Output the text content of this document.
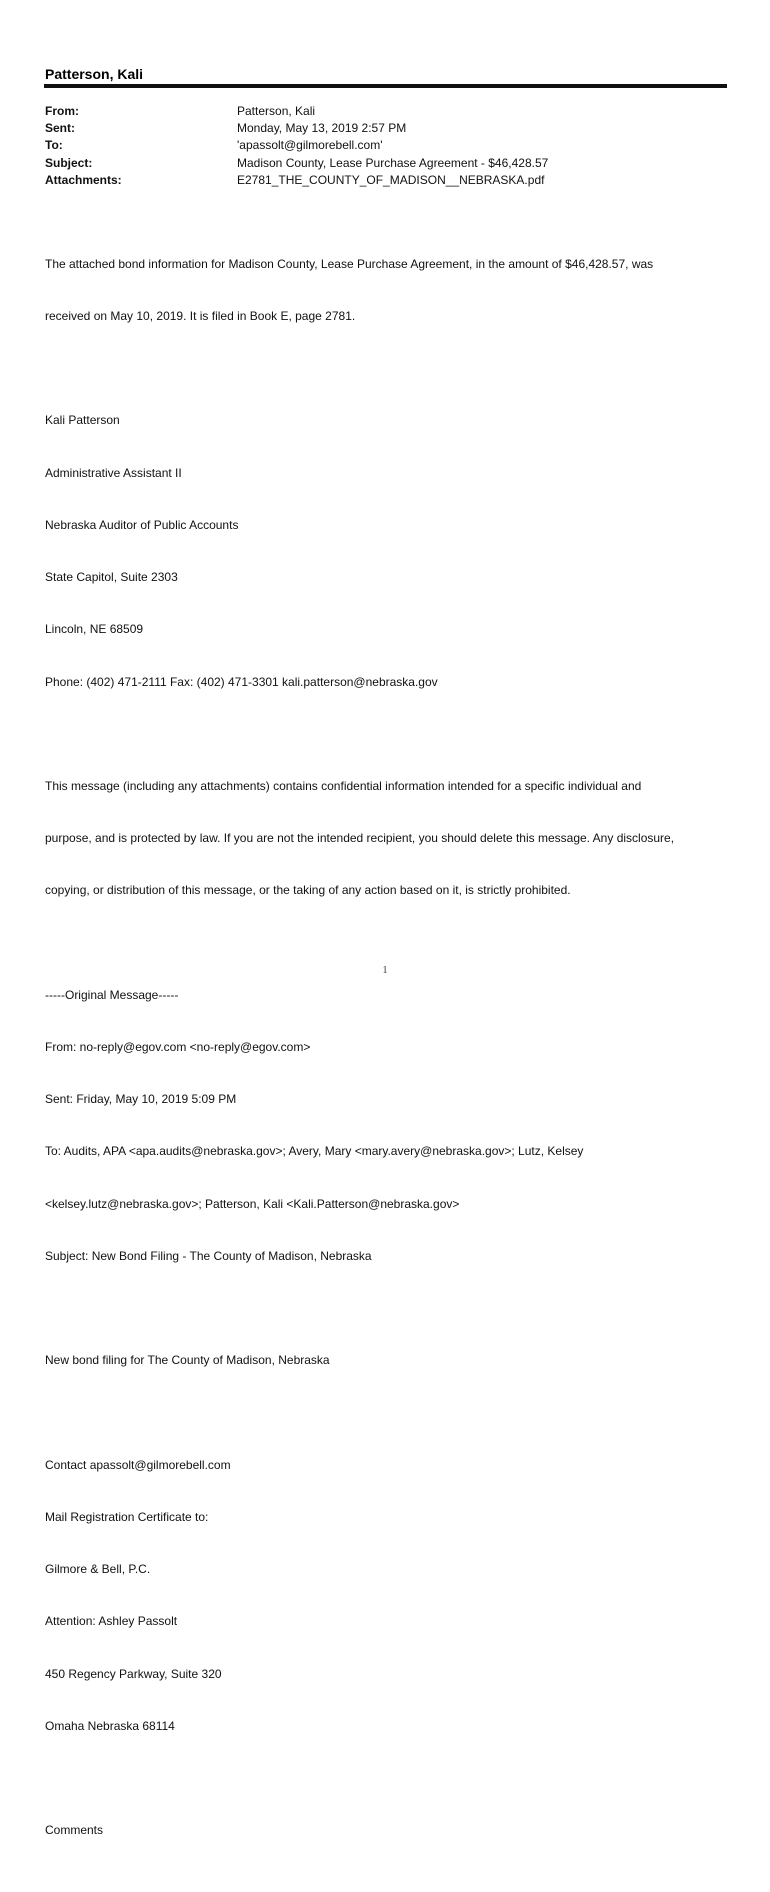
Patterson, Kali
From:	Patterson, Kali
Sent:	Monday, May 13, 2019 2:57 PM
To:	'apassolt@gilmorebell.com'
Subject:	Madison County, Lease Purchase Agreement - $46,428.57
Attachments:	E2781_THE_COUNTY_OF_MADISON__NEBRASKA.pdf

The attached bond information for Madison County, Lease Purchase Agreement, in the amount of $46,428.57, was

received on May 10, 2019. It is filed in Book E, page 2781.

Kali Patterson

Administrative Assistant II

Nebraska Auditor of Public Accounts

State Capitol, Suite 2303

Lincoln, NE 68509

Phone: (402) 471-2111 Fax: (402) 471-3301 kali.patterson@nebraska.gov

This message (including any attachments) contains confidential information intended for a specific individual and

purpose, and is protected by law. If you are not the intended recipient, you should delete this message. Any disclosure,

copying, or distribution of this message, or the taking of any action based on it, is strictly prohibited.

-----Original Message-----

From: no-reply@egov.com <no-reply@egov.com>

Sent: Friday, May 10, 2019 5:09 PM

To: Audits, APA <apa.audits@nebraska.gov>; Avery, Mary <mary.avery@nebraska.gov>; Lutz, Kelsey

<kelsey.lutz@nebraska.gov>; Patterson, Kali <Kali.Patterson@nebraska.gov>

Subject: New Bond Filing - The County of Madison, Nebraska

New bond filing for The County of Madison, Nebraska

Contact apassolt@gilmorebell.com

Mail Registration Certificate to:

Gilmore & Bell, P.C.

Attention: Ashley Passolt

450 Regency Parkway, Suite 320

Omaha Nebraska 68114

Comments

1
